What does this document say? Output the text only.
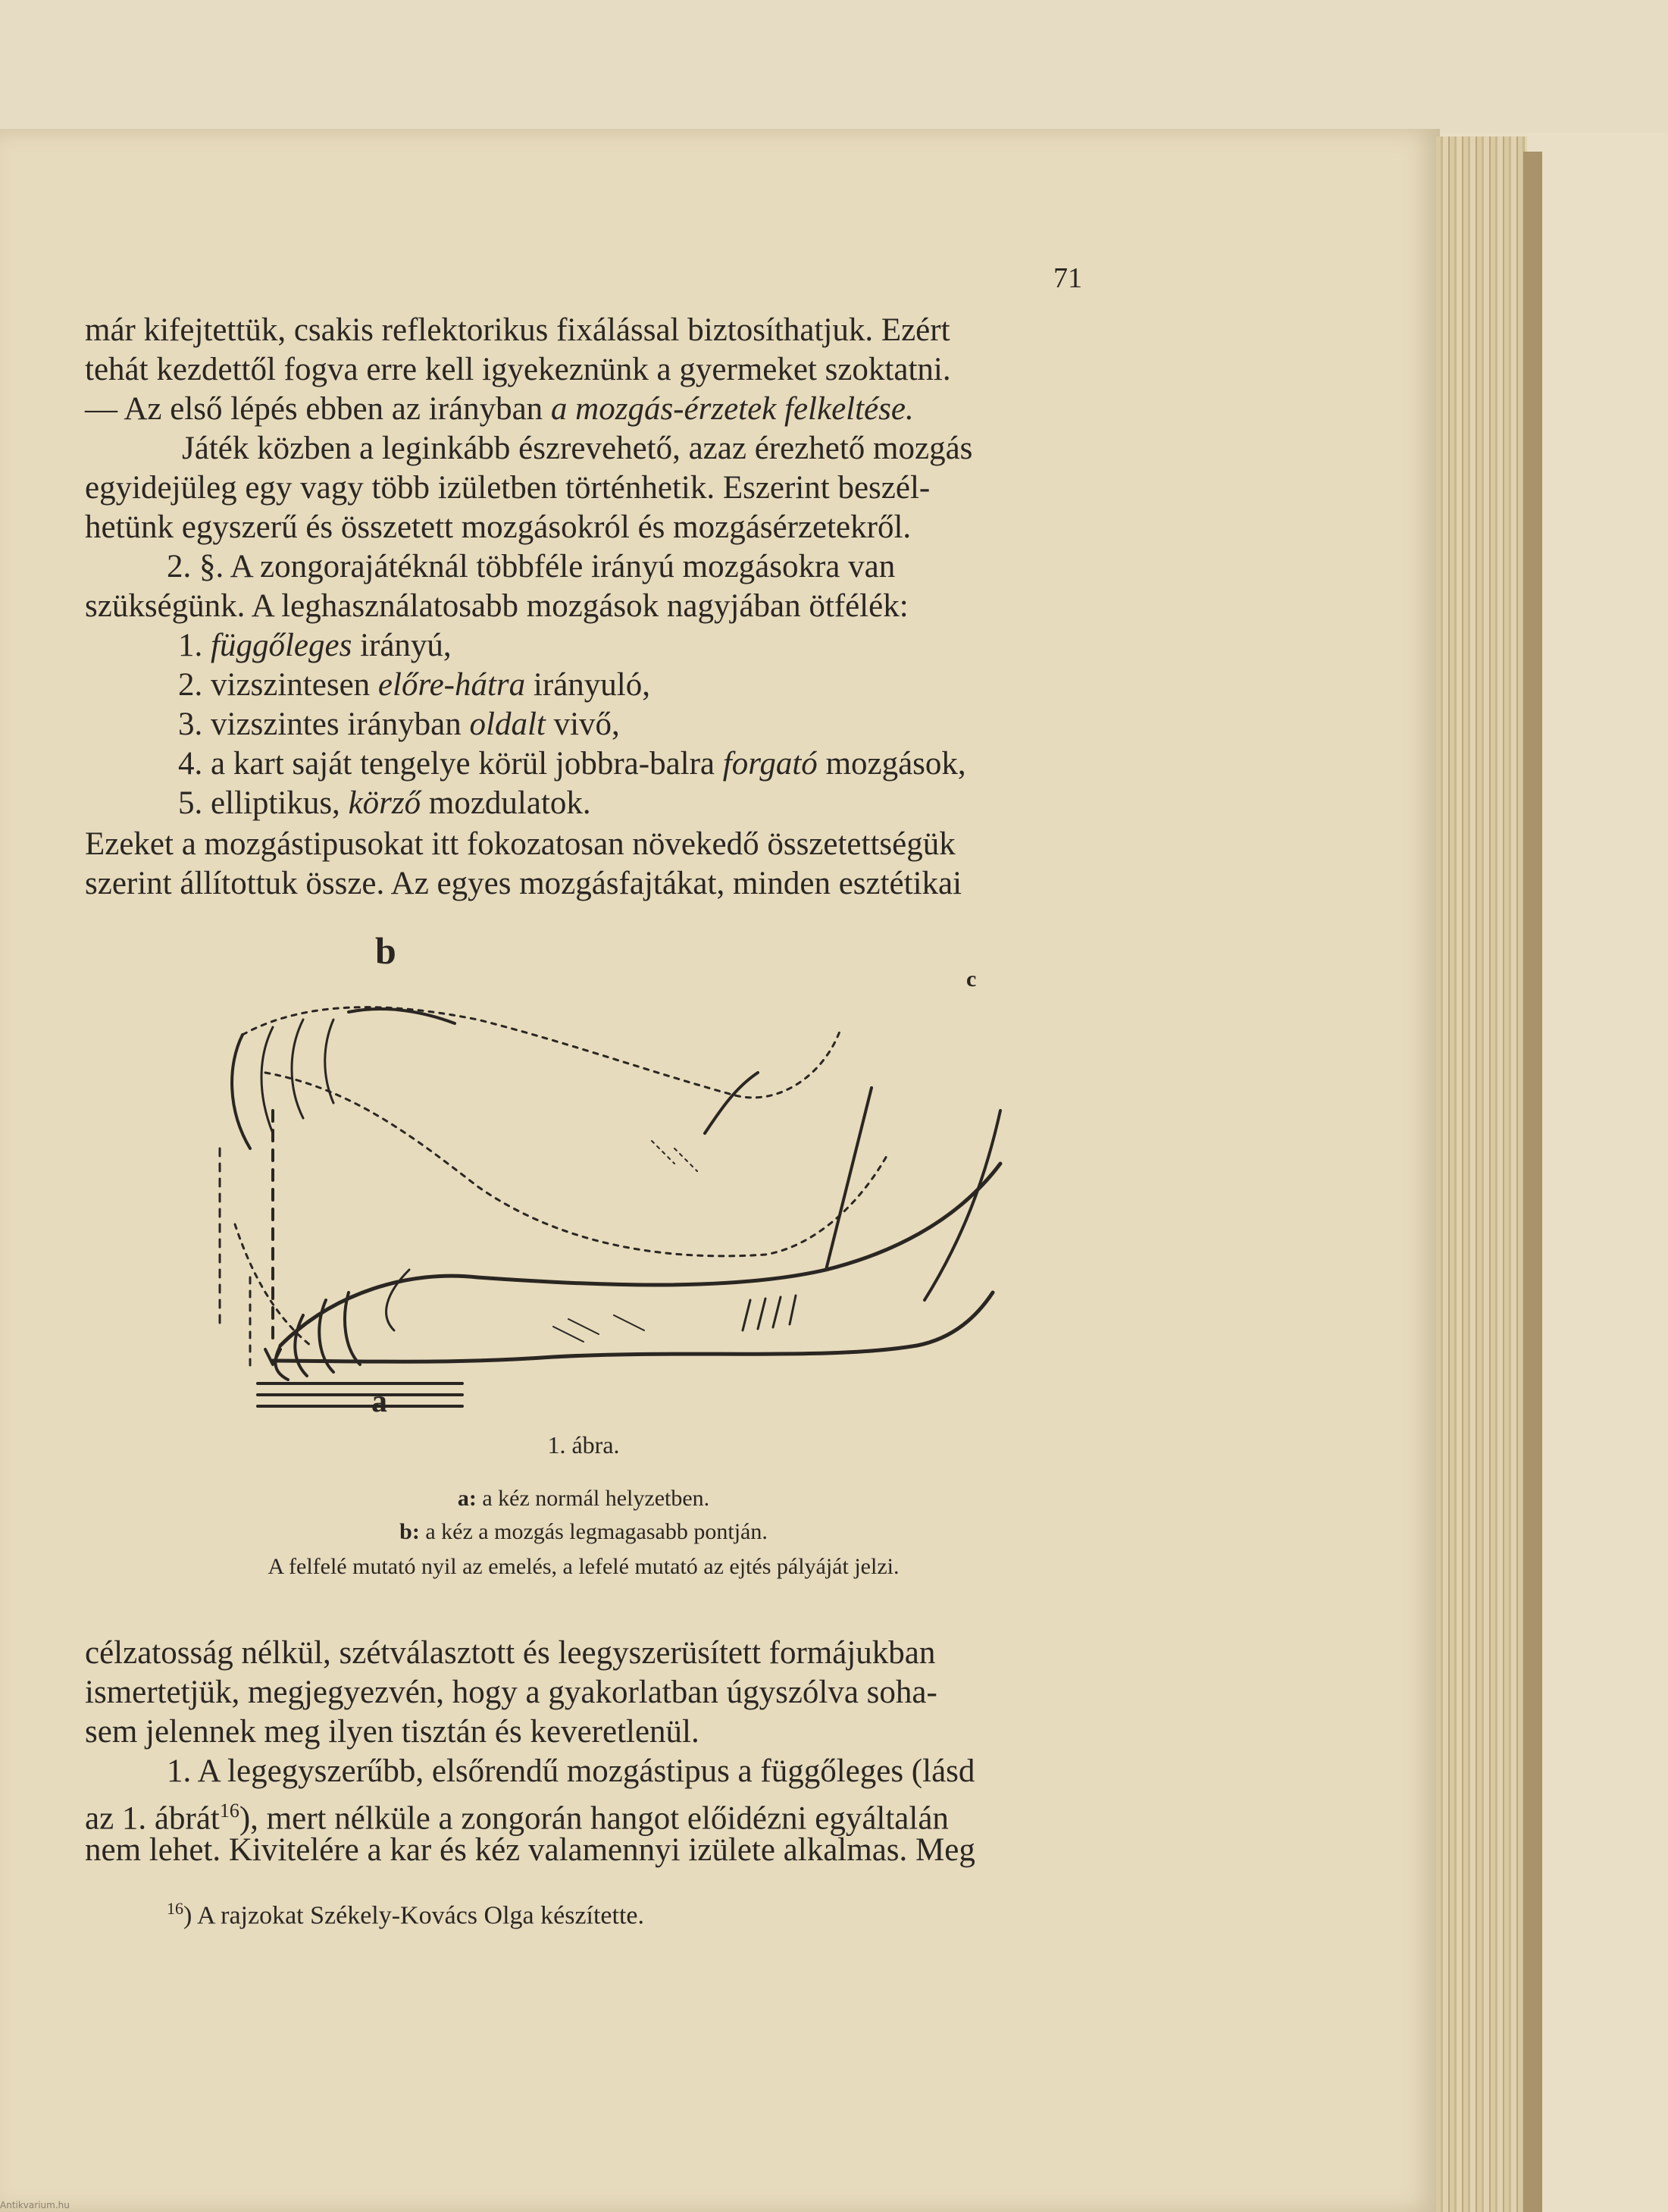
71
már kifejtettük, csakis reflektorikus fixálással biztosíthatjuk. Ezért
tehát kezdettől fogva erre kell igyekeznünk a gyermeket szoktatni.
— Az első lépés ebben az irányban a mozgás-érzetek felkeltése.
Játék közben a leginkább észrevehető, azaz érezhető mozgás
egyidejüleg egy vagy több izületben történhetik. Eszerint beszél-
hetünk egyszerű és összetett mozgásokról és mozgásérzetekről.
2. §. A zongorajátéknál többféle irányú mozgásokra van
szükségünk. A leghasználatosabb mozgások nagyjában ötfélék:
1. függőleges irányú,
2. vizszintesen előre-hátra irányuló,
3. vizszintes irányban oldalt vivő,
4. a kart saját tengelye körül jobbra-balra forgató mozgások,
5. elliptikus, körző mozdulatok.
Ezeket a mozgástipusokat itt fokozatosan növekedő összetettségük
szerint állítottuk össze. Az egyes mozgásfajtákat, minden esztétikai
b
a
c
1. ábra.
a: a kéz normál helyzetben.
b: a kéz a mozgás legmagasabb pontján.
A felfelé mutató nyil az emelés, a lefelé mutató az ejtés pályáját jelzi.
célzatosság nélkül, szétválasztott és leegyszerüsített formájukban
ismertetjük, megjegyezvén, hogy a gyakorlatban úgyszólva soha-
sem jelennek meg ilyen tisztán és keveretlenül.
1. A legegyszerűbb, elsőrendű mozgástipus a függőleges (lásd
az 1. ábrát$^{16}$), mert nélküle a zongorán hangot előidézni egyáltalán
nem lehet. Kivitelére a kar és kéz valamennyi izülete alkalmas. Meg
$^{16}$) A rajzokat Székely-Kovács Olga készítette.
Antikvarium.hu
